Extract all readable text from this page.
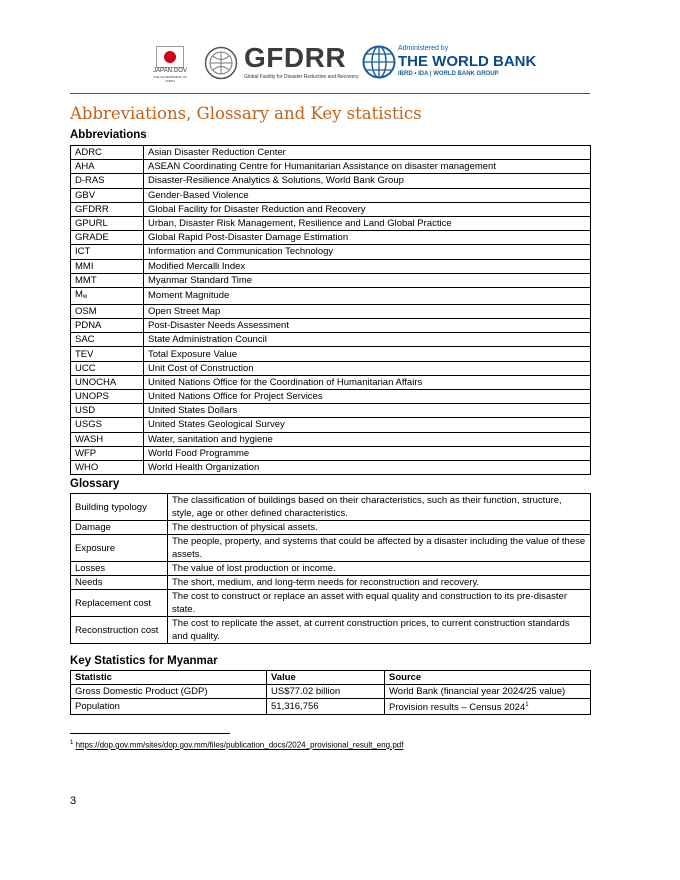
JAPAN.GOV
THE GOVERNMENT OF JAPAN
GFDRR
Global Facility for Disaster Reduction and Recovery
Administered by
THE WORLD BANK
IBRD • IDA | WORLD BANK GROUP
Abbreviations, Glossary and Key statistics
Abbreviations
ADRC	Asian Disaster Reduction Center
AHA	ASEAN Coordinating Centre for Humanitarian Assistance on disaster management
D-RAS	Disaster-Resilience Analytics & Solutions, World Bank Group
GBV	Gender-Based Violence
GFDRR	Global Facility for Disaster Reduction and Recovery
GPURL	Urban, Disaster Risk Management, Resilience and Land Global Practice
GRADE	Global Rapid Post-Disaster Damage Estimation
ICT	Information and Communication Technology
MMI	Modified Mercalli Index
MMT	Myanmar Standard Time
Mw	Moment Magnitude
OSM	Open Street Map
PDNA	Post-Disaster Needs Assessment
SAC	State Administration Council
TEV	Total Exposure Value
UCC	Unit Cost of Construction
UNOCHA	United Nations Office for the Coordination of Humanitarian Affairs
UNOPS	United Nations Office for Project Services
USD	United States Dollars
USGS	United States Geological Survey
WASH	Water, sanitation and hygiene
WFP	World Food Programme
WHO	World Health Organization
Glossary
Building typology	The classification of buildings based on their characteristics, such as their function, structure, style, age or other defined characteristics.
Damage	The destruction of physical assets.
Exposure	The people, property, and systems that could be affected by a disaster including the value of these assets.
Losses	The value of lost production or income.
Needs	The short, medium, and long-term needs for reconstruction and recovery.
Replacement cost	The cost to construct or replace an asset with equal quality and construction to its pre-disaster state.
Reconstruction cost	The cost to replicate the asset, at current construction prices, to current construction standards and quality.
Key Statistics for Myanmar
Statistic	Value	Source
Gross Domestic Product (GDP)	US$77.02 billion	World Bank (financial year 2024/25 value)
Population	51,316,756	Provision results – Census 2024$^1$
$^1$ https://dop.gov.mm/sites/dop.gov.mm/files/publication_docs/2024_provisional_result_eng.pdf
3
